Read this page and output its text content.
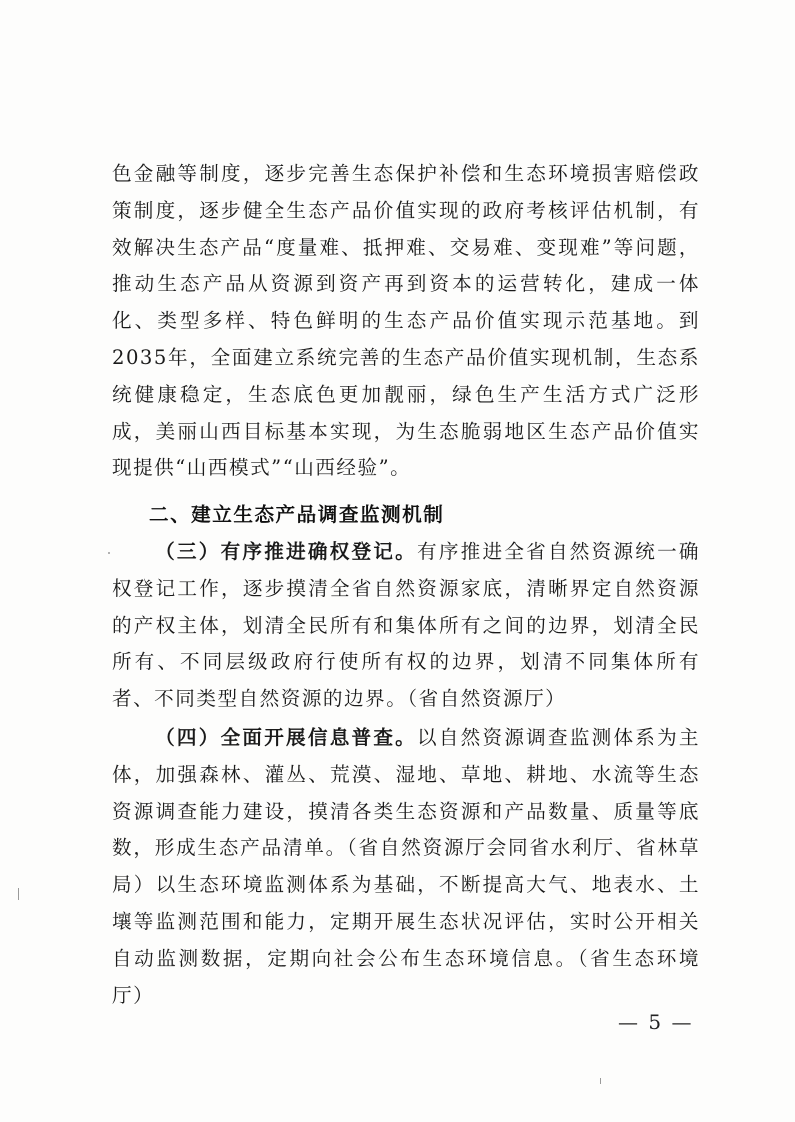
色金融等制度，逐步完善生态保护补偿和生态环境损害赔偿政策制度，逐步健全生态产品价值实现的政府考核评估机制，有效解决生态产品“度量难、抵押难、交易难、变现难”等问题，推动生态产品从资源到资产再到资本的运营转化，建成一体化、类型多样、特色鲜明的生态产品价值实现示范基地。到2035年，全面建立系统完善的生态产品价值实现机制，生态系统健康稳定，生态底色更加靓丽，绿色生产生活方式广泛形成，美丽山西目标基本实现，为生态脆弱地区生态产品价值实现提供“山西模式”“山西经验”。

二、建立生态产品调查监测机制

（三）有序推进确权登记。有序推进全省自然资源统一确权登记工作，逐步摸清全省自然资源家底，清晰界定自然资源的产权主体，划清全民所有和集体所有之间的边界，划清全民所有、不同层级政府行使所有权的边界，划清不同集体所有者、不同类型自然资源的边界。（省自然资源厅）

（四）全面开展信息普查。以自然资源调查监测体系为主体，加强森林、灌丛、荒漠、湿地、草地、耕地、水流等生态资源调查能力建设，摸清各类生态资源和产品数量、质量等底数，形成生态产品清单。（省自然资源厅会同省水利厅、省林草局）以生态环境监测体系为基础，不断提高大气、地表水、土壤等监测范围和能力，定期开展生态状况评估，实时公开相关自动监测数据，定期向社会公布生态环境信息。（省生态环境厅）

— 5 —
